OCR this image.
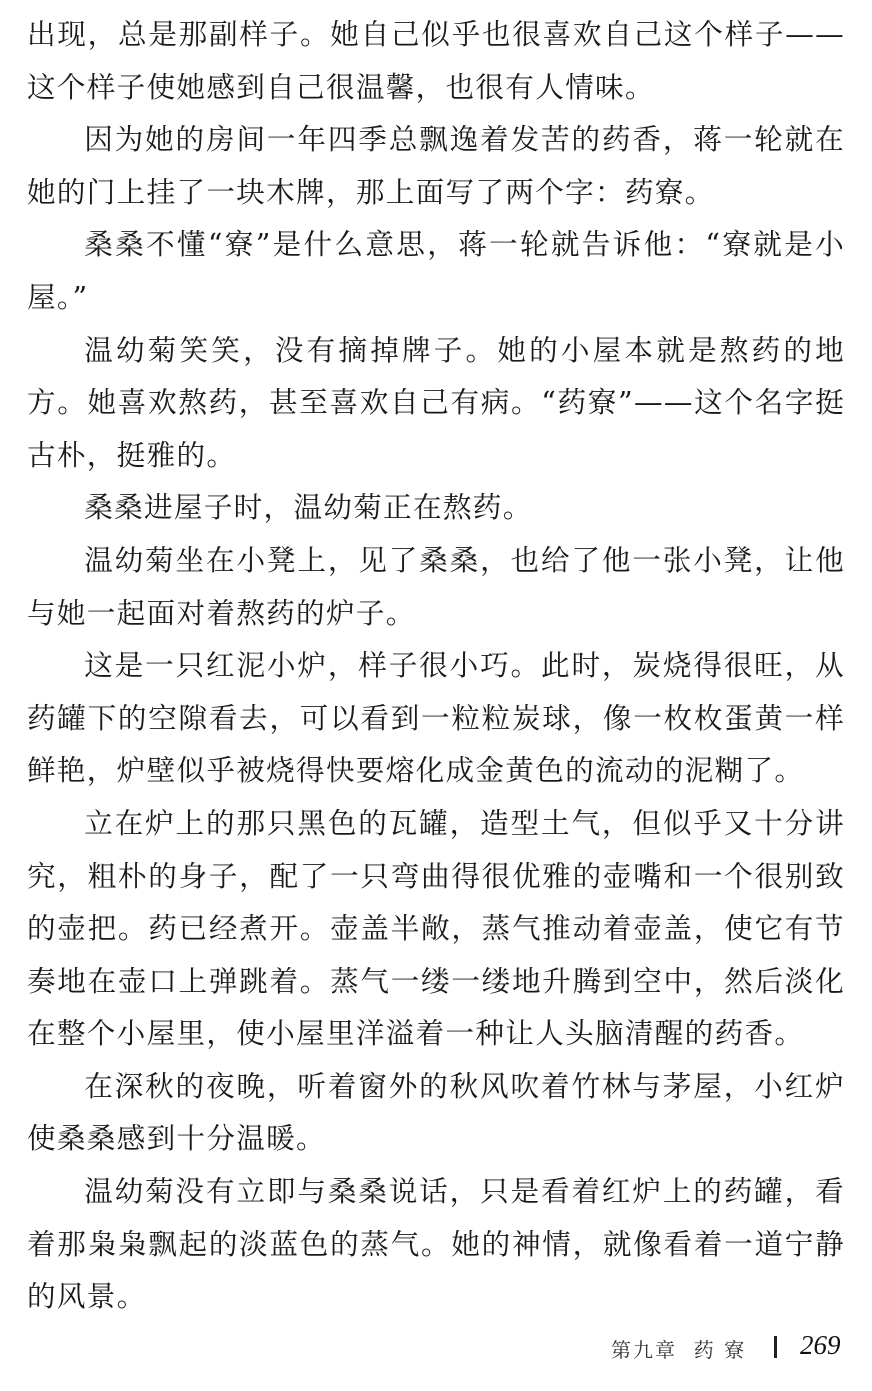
出现，总是那副样子。她自己似乎也很喜欢自己这个样子——这个样子使她感到自己很温馨，也很有人情味。

因为她的房间一年四季总飘逸着发苦的药香，蒋一轮就在她的门上挂了一块木牌，那上面写了两个字：药寮。

桑桑不懂“寮”是什么意思，蒋一轮就告诉他：“寮就是小屋。”

温幼菊笑笑，没有摘掉牌子。她的小屋本就是熬药的地方。她喜欢熬药，甚至喜欢自己有病。“药寮”——这个名字挺古朴，挺雅的。

桑桑进屋子时，温幼菊正在熬药。

温幼菊坐在小凳上，见了桑桑，也给了他一张小凳，让他与她一起面对着熬药的炉子。

这是一只红泥小炉，样子很小巧。此时，炭烧得很旺，从药罐下的空隙看去，可以看到一粒粒炭球，像一枚枚蛋黄一样鲜艳，炉壁似乎被烧得快要熔化成金黄色的流动的泥糊了。

立在炉上的那只黑色的瓦罐，造型土气，但似乎又十分讲究，粗朴的身子，配了一只弯曲得很优雅的壶嘴和一个很别致的壶把。药已经煮开。壶盖半敞，蒸气推动着壶盖，使它有节奏地在壶口上弹跳着。蒸气一缕一缕地升腾到空中，然后淡化在整个小屋里，使小屋里洋溢着一种让人头脑清醒的药香。

在深秋的夜晚，听着窗外的秋风吹着竹林与茅屋，小红炉使桑桑感到十分温暖。

温幼菊没有立即与桑桑说话，只是看着红炉上的药罐，看着那枭枭飘起的淡蓝色的蒸气。她的神情，就像看着一道宁静的风景。

第九章  药 寮 269
